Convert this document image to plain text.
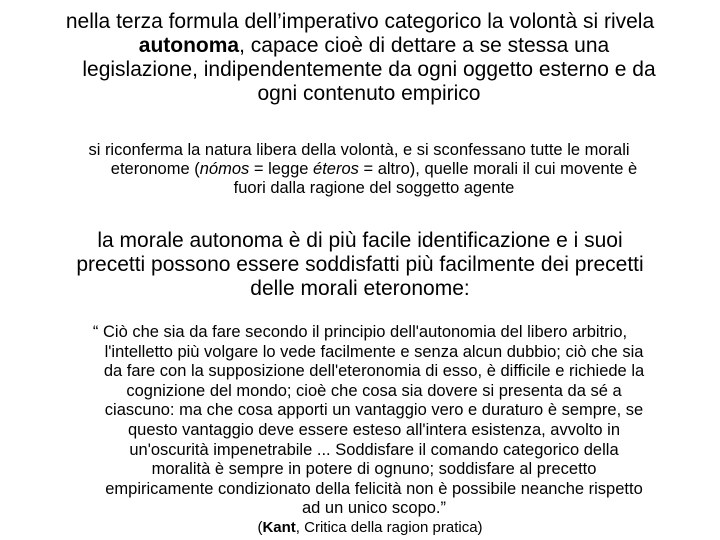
nella terza formula dell’imperativo categorico la volontà si rivela
autonoma, capace cioè di dettare a se stessa una
legislazione, indipendentemente da ogni oggetto esterno e da
ogni contenuto empirico
si riconferma la natura libera della volontà, e si sconfessano tutte le morali
eteronome (nómos = legge éteros = altro), quelle morali il cui movente è
fuori dalla ragione del soggetto agente
la morale autonoma è di più facile identificazione e i suoi
precetti possono essere soddisfatti più facilmente dei precetti
delle morali eteronome:
“ Ciò che sia da fare secondo il principio dell'autonomia del libero arbitrio,
l'intelletto più volgare lo vede facilmente e senza alcun dubbio; ciò che sia
da fare con la supposizione dell'eteronomia di esso, è difficile e richiede la
cognizione del mondo; cioè che cosa sia dovere si presenta da sé a
ciascuno: ma che cosa apporti un vantaggio vero e duraturo è sempre, se
questo vantaggio deve essere esteso all'intera esistenza, avvolto in
un'oscurità impenetrabile ... Soddisfare il comando categorico della
moralità è sempre in potere di ognuno; soddisfare al precetto
empiricamente condizionato della felicità non è possibile neanche rispetto
ad un unico scopo.”
(Kant, Critica della ragion pratica)
